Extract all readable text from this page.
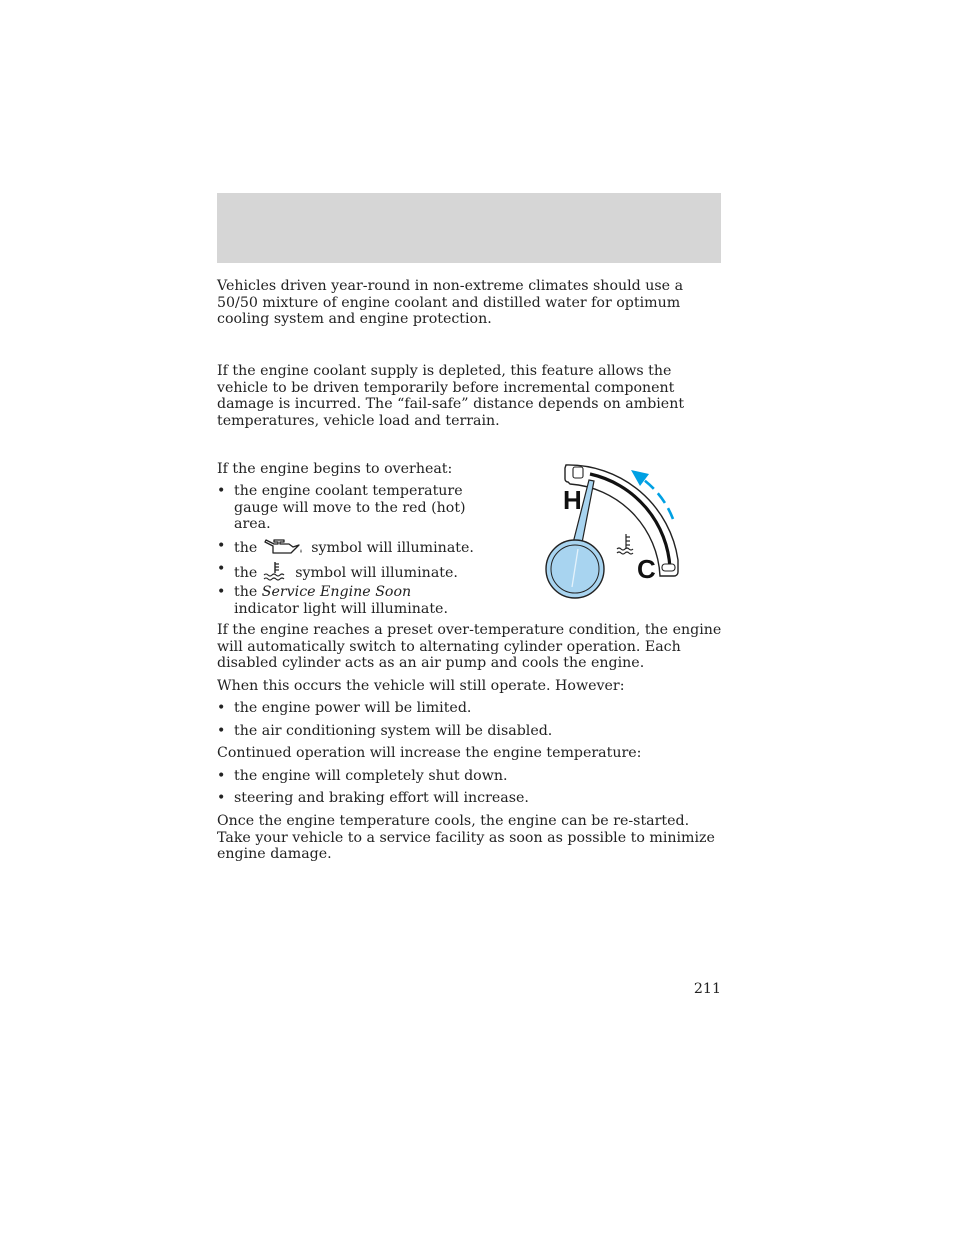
Vehicles driven year-round in non-extreme climates should use a 50/50 mixture of engine coolant and distilled water for optimum cooling system and engine protection.

If the engine coolant supply is depleted, this feature allows the vehicle to be driven temporarily before incremental component damage is incurred. The “fail-safe” distance depends on ambient temperatures, vehicle load and terrain.

If the engine begins to overheat:

• the engine coolant temperature gauge will move to the red (hot) area.
• the	symbol will illuminate.
• the	symbol will illuminate.
• the Service Engine Soon
indicator light will illuminate.

If the engine reaches a preset over-temperature condition, the engine will automatically switch to alternating cylinder operation. Each disabled cylinder acts as an air pump and cools the engine.

When this occurs the vehicle will still operate. However:

• the engine power will be limited.
• the air conditioning system will be disabled.

Continued operation will increase the engine temperature:

• the engine will completely shut down.
• steering and braking effort will increase.

Once the engine temperature cools, the engine can be re-started. Take your vehicle to a service facility as soon as possible to minimize engine damage.

211
H
C
